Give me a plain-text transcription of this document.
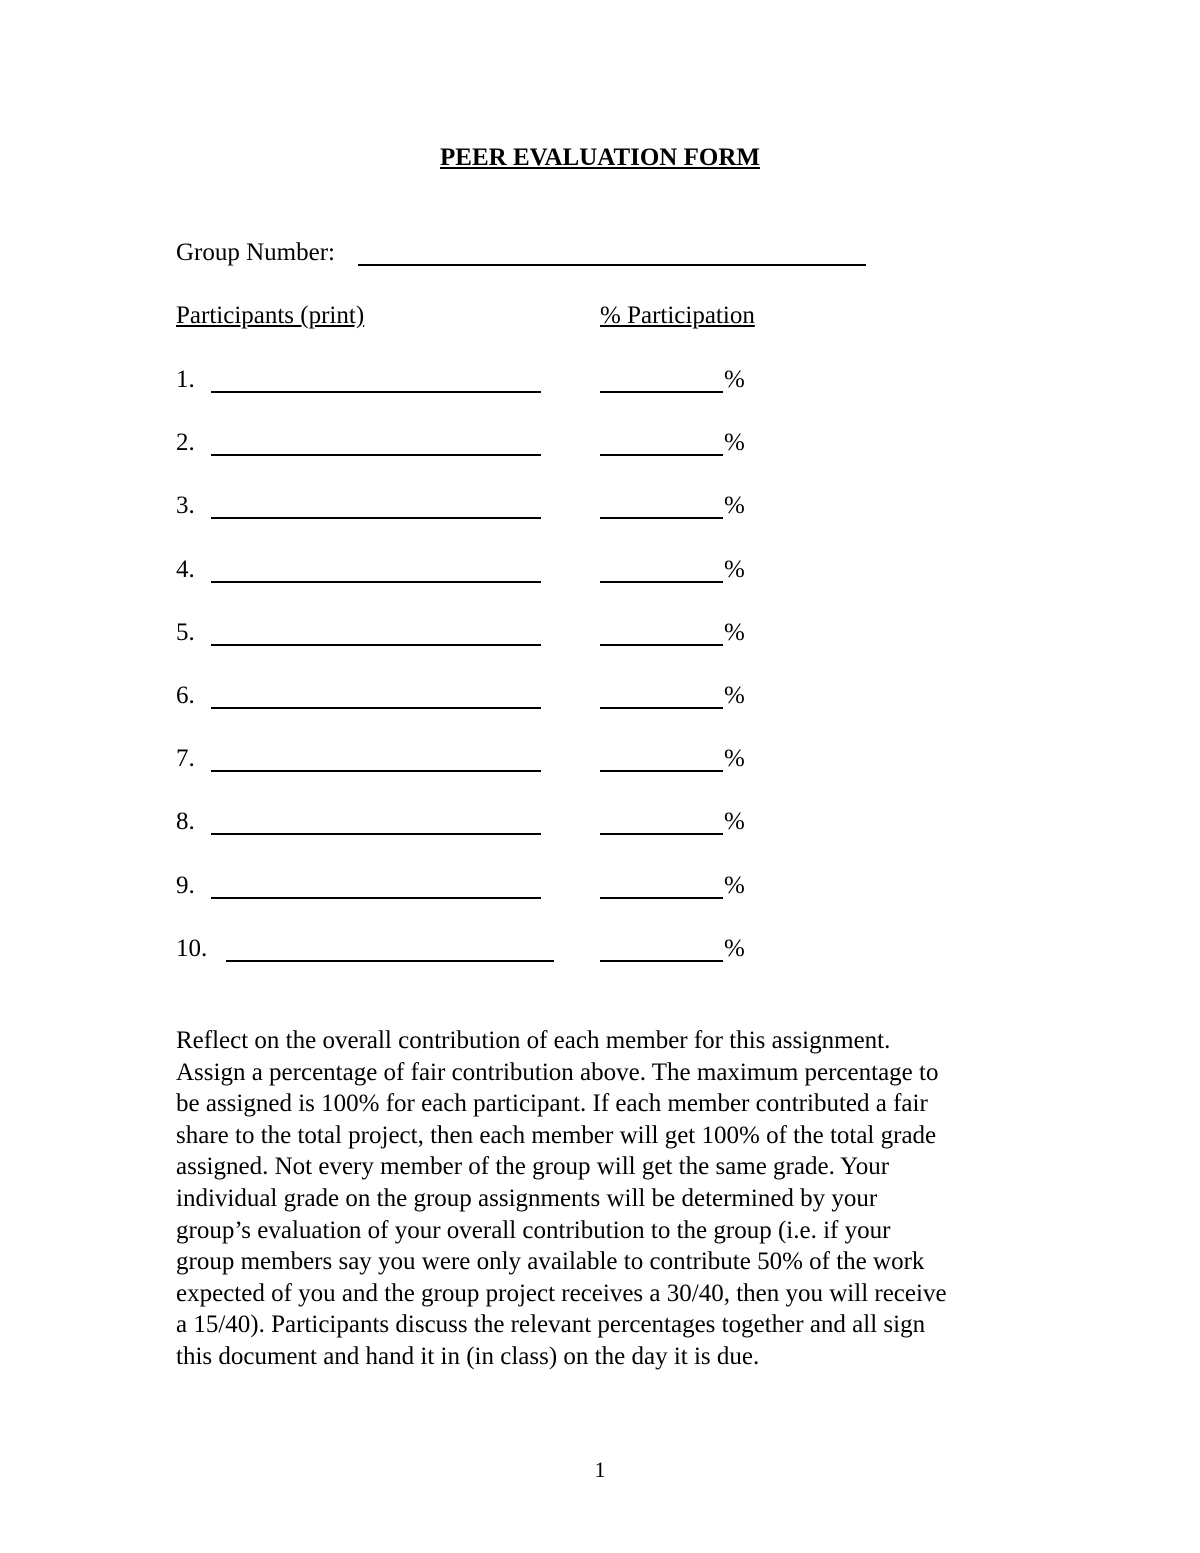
PEER EVALUATION FORM
Group Number:
Participants (print)	% Participation
1.	%
2.	%
3.	%
4.	%
5.	%
6.	%
7.	%
8.	%
9.	%
10.	%
Reflect on the overall contribution of each member for this assignment.
Assign a percentage of fair contribution above. The maximum percentage to
be assigned is 100% for each participant. If each member contributed a fair
share to the total project, then each member will get 100% of the total grade
assigned. Not every member of the group will get the same grade. Your
individual grade on the group assignments will be determined by your
group’s evaluation of your overall contribution to the group (i.e. if your
group members say you were only available to contribute 50% of the work
expected of you and the group project receives a 30/40, then you will receive
a 15/40). Participants discuss the relevant percentages together and all sign
this document and hand it in (in class) on the day it is due.
1
